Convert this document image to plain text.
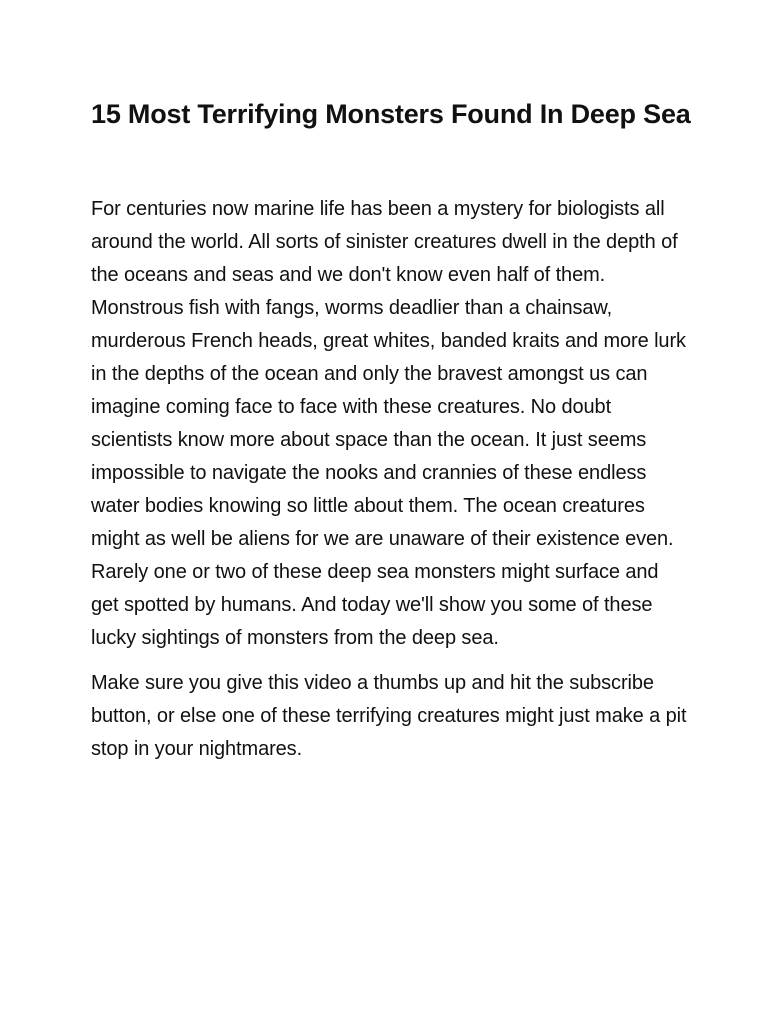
15 Most Terrifying Monsters Found In Deep Sea

For centuries now marine life has been a mystery for biologists all around the world. All sorts of sinister creatures dwell in the depth of the oceans and seas and we don't know even half of them. Monstrous fish with fangs, worms deadlier than a chainsaw, murderous French heads, great whites, banded kraits and more lurk in the depths of the ocean and only the bravest amongst us can imagine coming face to face with these creatures. No doubt scientists know more about space than the ocean. It just seems impossible to navigate the nooks and crannies of these endless water bodies knowing so little about them. The ocean creatures might as well be aliens for we are unaware of their existence even. Rarely one or two of these deep sea monsters might surface and get spotted by humans. And today we'll show you some of these lucky sightings of monsters from the deep sea.

Make sure you give this video a thumbs up and hit the subscribe button, or else one of these terrifying creatures might just make a pit stop in your nightmares.
